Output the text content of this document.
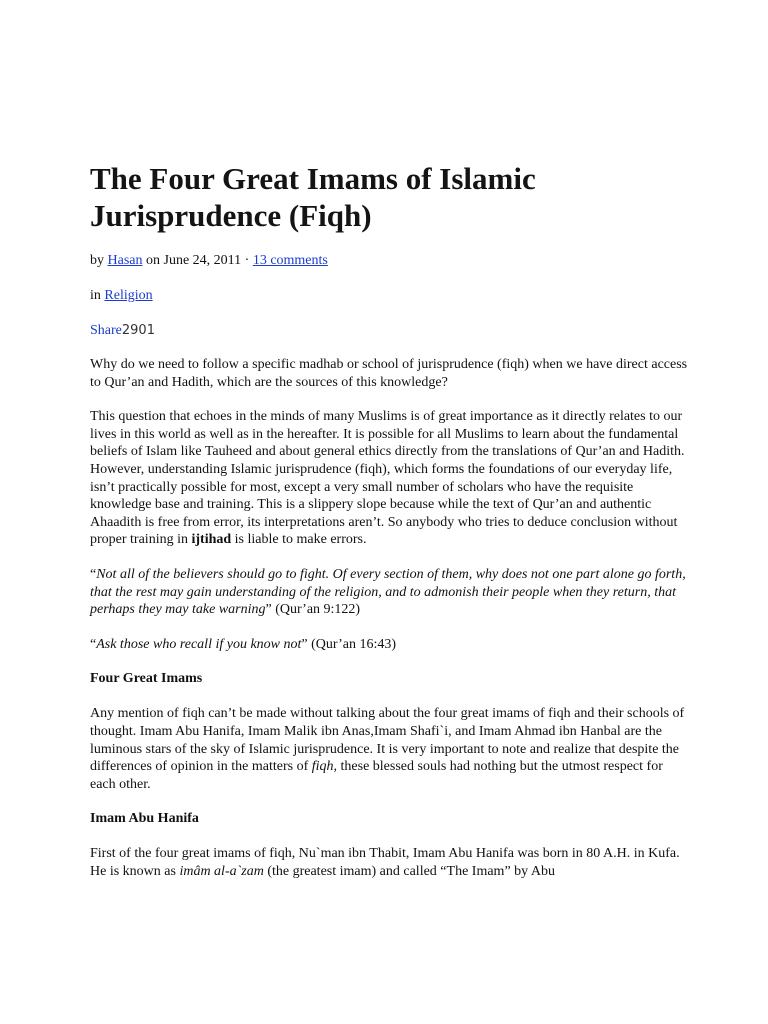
The Four Great Imams of Islamic Jurisprudence (Fiqh)
by Hasan on June 24, 2011 · 13 comments
in Religion
Share2901

Why do we need to follow a specific madhab or school of jurisprudence (fiqh) when we have direct access to Qur’an and Hadith, which are the sources of this knowledge?

This question that echoes in the minds of many Muslims is of great importance as it directly relates to our lives in this world as well as in the hereafter. It is possible for all Muslims to learn about the fundamental beliefs of Islam like Tauheed and about general ethics directly from the translations of Qur’an and Hadith. However, understanding Islamic jurisprudence (fiqh), which forms the foundations of our everyday life, isn’t practically possible for most, except a very small number of scholars who have the requisite knowledge base and training. This is a slippery slope because while the text of Qur’an and authentic Ahaadith is free from error, its interpretations aren’t. So anybody who tries to deduce conclusion without proper training in ijtihad is liable to make errors.

“Not all of the believers should go to fight. Of every section of them, why does not one part alone go forth, that the rest may gain understanding of the religion, and to admonish their people when they return, that perhaps they may take warning” (Qur’an 9:122)
“Ask those who recall if you know not” (Qur’an 16:43)
Four Great Imams

Any mention of fiqh can’t be made without talking about the four great imams of fiqh and their schools of thought. Imam Abu Hanifa, Imam Malik ibn Anas,Imam Shafi`i, and Imam Ahmad ibn Hanbal are the luminous stars of the sky of Islamic jurisprudence. It is very important to note and realize that despite the differences of opinion in the matters of fiqh, these blessed souls had nothing but the utmost respect for each other.

Imam Abu Hanifa

First of the four great imams of fiqh, Nu`man ibn Thabit, Imam Abu Hanifa was born in 80 A.H. in Kufa. He is known as imâm al-a`zam (the greatest imam) and called “The Imam” by Abu
